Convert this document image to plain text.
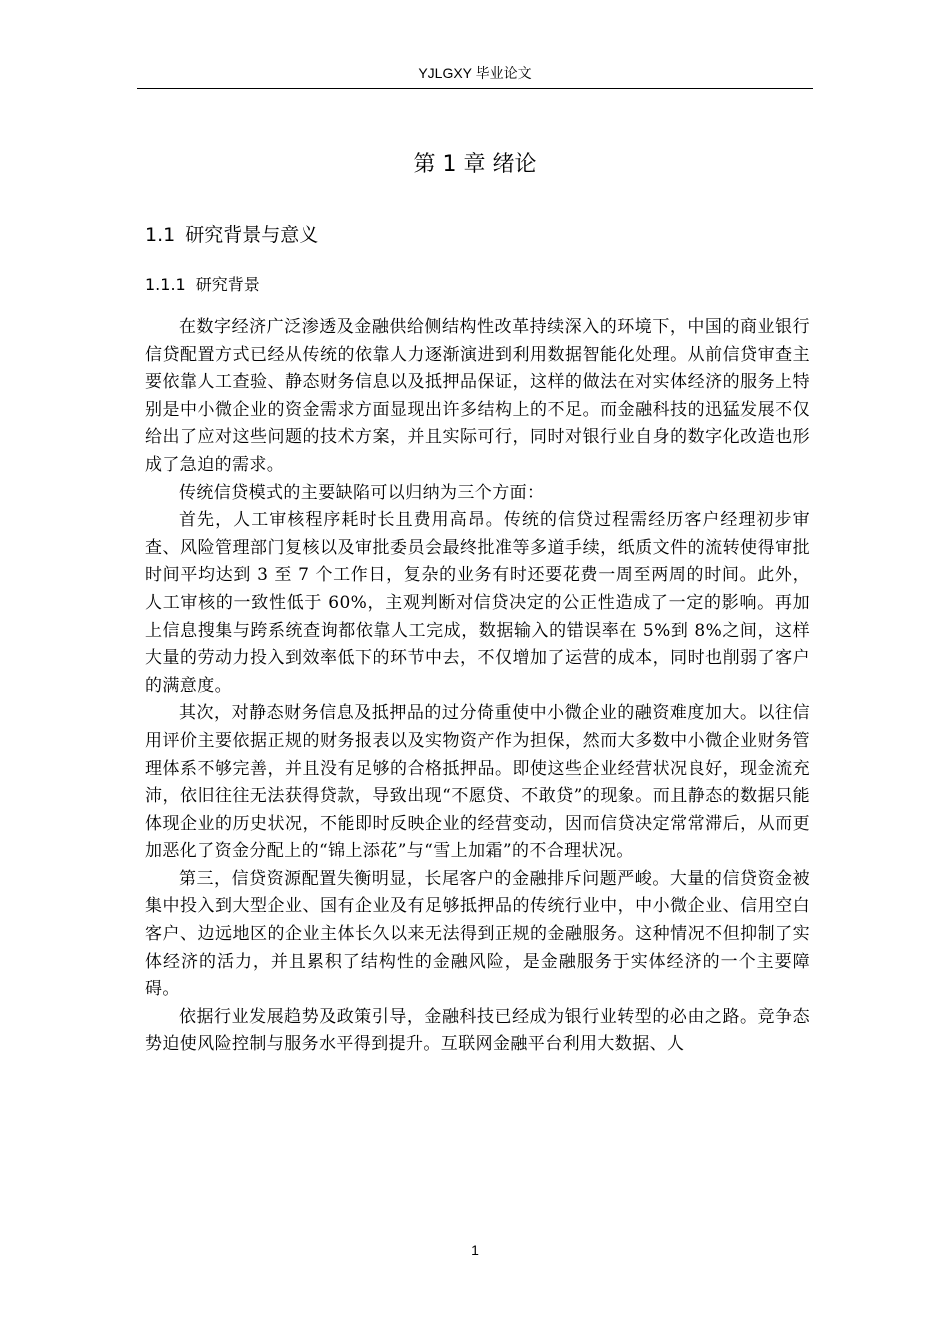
YJLGXY 毕业论文
第 1 章 绪论
1.1 研究背景与意义
1.1.1 研究背景

在数字经济广泛渗透及金融供给侧结构性改革持续深入的环境下，中国的商业银行信贷配置方式已经从传统的依靠人力逐渐演进到利用数据智能化处理。从前信贷审查主要依靠人工查验、静态财务信息以及抵押品保证，这样的做法在对实体经济的服务上特别是中小微企业的资金需求方面显现出许多结构上的不足。而金融科技的迅猛发展不仅给出了应对这些问题的技术方案，并且实际可行，同时对银行业自身的数字化改造也形成了急迫的需求。

传统信贷模式的主要缺陷可以归纳为三个方面：

首先，人工审核程序耗时长且费用高昂。传统的信贷过程需经历客户经理初步审查、风险管理部门复核以及审批委员会最终批准等多道手续，纸质文件的流转使得审批时间平均达到 3 至 7 个工作日，复杂的业务有时还要花费一周至两周的时间。此外，人工审核的一致性低于 60%，主观判断对信贷决定的公正性造成了一定的影响。再加上信息搜集与跨系统查询都依靠人工完成，数据输入的错误率在 5%到 8%之间，这样大量的劳动力投入到效率低下的环节中去，不仅增加了运营的成本，同时也削弱了客户的满意度。

其次，对静态财务信息及抵押品的过分倚重使中小微企业的融资难度加大。以往信用评价主要依据正规的财务报表以及实物资产作为担保，然而大多数中小微企业财务管理体系不够完善，并且没有足够的合格抵押品。即使这些企业经营状况良好，现金流充沛，依旧往往无法获得贷款，导致出现“不愿贷、不敢贷”的现象。而且静态的数据只能体现企业的历史状况，不能即时反映企业的经营变动，因而信贷决定常常滞后，从而更加恶化了资金分配上的“锦上添花”与“雪上加霜”的不合理状况。

第三，信贷资源配置失衡明显，长尾客户的金融排斥问题严峻。大量的信贷资金被集中投入到大型企业、国有企业及有足够抵押品的传统行业中，中小微企业、信用空白客户、边远地区的企业主体长久以来无法得到正规的金融服务。这种情况不但抑制了实体经济的活力，并且累积了结构性的金融风险，是金融服务于实体经济的一个主要障碍。

依据行业发展趋势及政策引导，金融科技已经成为银行业转型的必由之路。竞争态势迫使风险控制与服务水平得到提升。互联网金融平台利用大数据、人

1
